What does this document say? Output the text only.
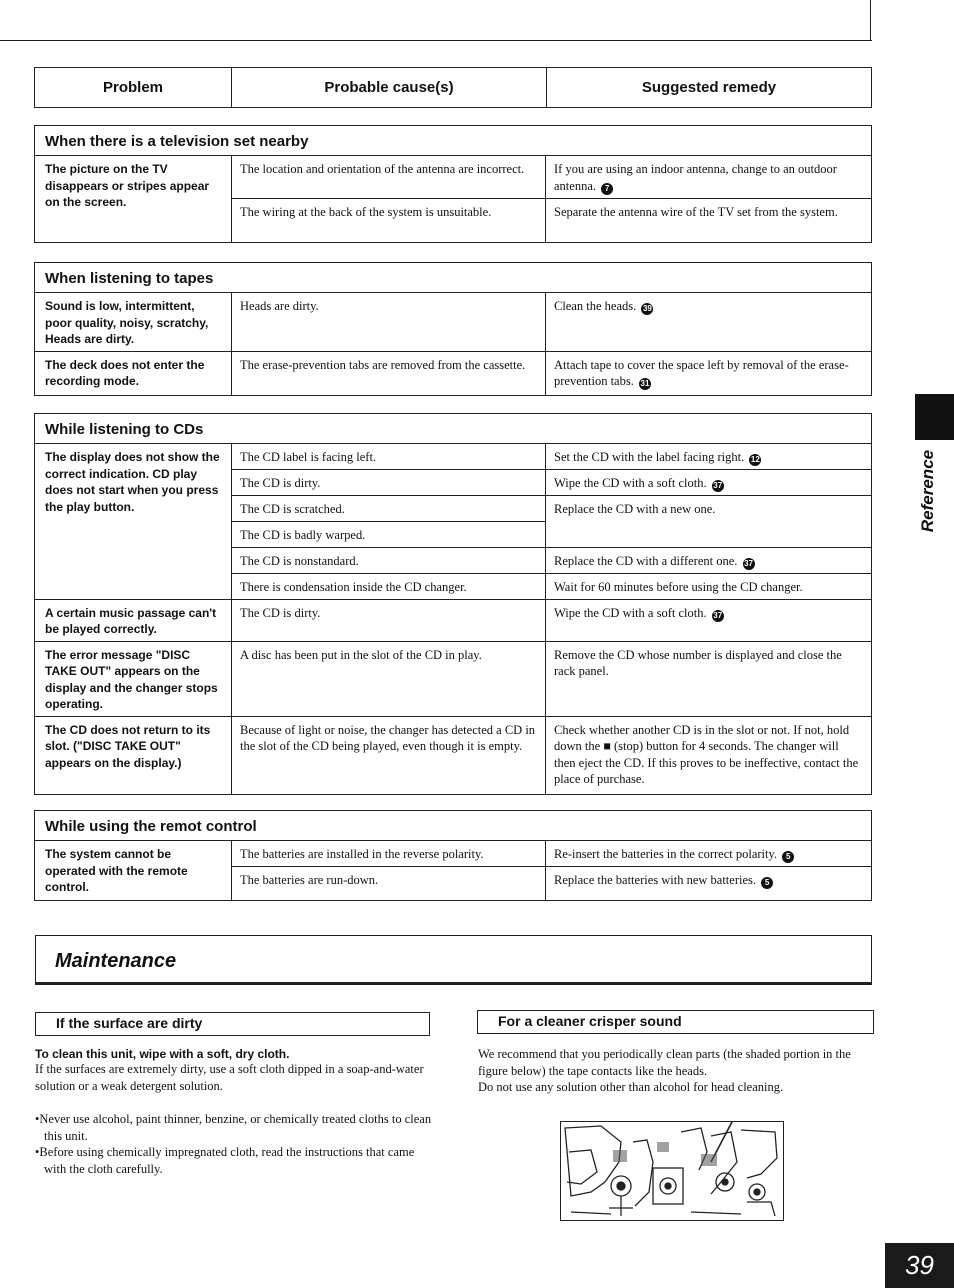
Problem	Probable cause(s)	Suggested remedy
When there is a television set nearby
The picture on the TV disappears or stripes appear on the screen.	The location and orientation of the antenna are incorrect.	If you are using an indoor antenna, change to an outdoor antenna. 7
	The wiring at the back of the system is unsuitable.	Separate the antenna wire of the TV set from the system.
When listening to tapes
Sound is low, intermittent, poor quality, noisy, scratchy, Heads are dirty.	Heads are dirty.	Clean the heads. 39
The deck does not enter the recording mode.	The erase-prevention tabs are removed from the cassette.	Attach tape to cover the space left by removal of the erase-prevention tabs. 31
While listening to CDs
The display does not show the correct indication. CD play does not start when you press the play button.	The CD label is facing left.	Set the CD with the label facing right. 12
	The CD is dirty.	Wipe the CD with a soft cloth. 37
	The CD is scratched.	Replace the CD with a new one.
	The CD is badly warped.	
	The CD is nonstandard.	Replace the CD with a different one. 37
	There is condensation inside the CD changer.	Wait for 60 minutes before using the CD changer.
A certain music passage can't be played correctly.	The CD is dirty.	Wipe the CD with a soft cloth. 37
The error message "DISC TAKE OUT" appears on the display and the changer stops operating.	A disc has been put in the slot of the CD in play.	Remove the CD whose number is displayed and close the rack panel.
The CD does not return to its slot. ("DISC TAKE OUT" appears on the display.)	Because of light or noise, the changer has detected a CD in the slot of the CD being played, even though it is empty.	Check whether another CD is in the slot or not. If not, hold down the ■ (stop) button for 4 seconds. The changer will then eject the CD. If this proves to be ineffective, contact the place of purchase.
While using the remot control
The system cannot be operated with the remote control.	The batteries are installed in the reverse polarity.	Re-insert the batteries in the correct polarity. 5
	The batteries are run-down.	Replace the batteries with new batteries. 5
Reference
Maintenance
If the surface are dirty	For a cleaner crisper sound
To clean this unit, wipe with a soft, dry cloth.
If the surfaces are extremely dirty, use a soft cloth dipped in a soap-and-water solution or a weak detergent solution.
•Never use alcohol, paint thinner, benzine, or chemically treated cloths to clean this unit.
•Before using chemically impregnated cloth, read the instructions that came with the cloth carefully.
We recommend that you periodically clean parts (the shaded portion in the figure below) the tape contacts like the heads.
Do not use any solution other than alcohol for head cleaning.
39
